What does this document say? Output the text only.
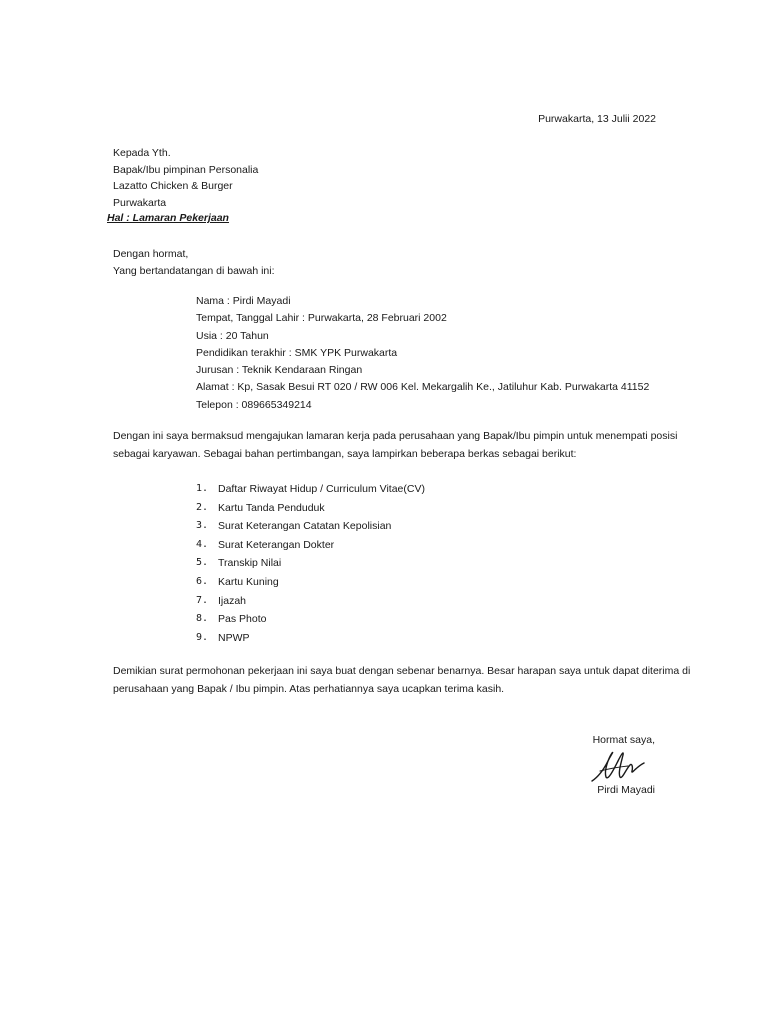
Purwakarta, 13 Julii 2022
Kepada Yth.
Bapak/Ibu pimpinan Personalia
Lazatto Chicken & Burger
Purwakarta
Hal : Lamaran Pekerjaan
Dengan hormat,
Yang bertandatangan di bawah ini:
Nama : Pirdi Mayadi
Tempat, Tanggal Lahir : Purwakarta, 28 Februari 2002
Usia : 20 Tahun
Pendidikan terakhir : SMK YPK Purwakarta
Jurusan : Teknik Kendaraan Ringan
Alamat : Kp, Sasak Besui RT 020 / RW 006 Kel. Mekargalih Ke., Jatiluhur Kab. Purwakarta 41152
Telepon : 089665349214
Dengan ini saya bermaksud mengajukan lamaran kerja pada perusahaan yang Bapak/Ibu pimpin untuk menempati posisi
sebagai karyawan. Sebagai bahan pertimbangan, saya lampirkan beberapa berkas sebagai berikut:
1. Daftar Riwayat Hidup / Curriculum Vitae(CV)
2. Kartu Tanda Penduduk
3. Surat Keterangan Catatan Kepolisian
4. Surat Keterangan Dokter
5. Transkip Nilai
6. Kartu Kuning
7. Ijazah
8. Pas Photo
9. NPWP
Demikian surat permohonan pekerjaan ini saya buat dengan sebenar benarnya. Besar harapan saya untuk dapat diterima di
perusahaan yang Bapak / Ibu pimpin. Atas perhatiannya saya ucapkan terima kasih.
Hormat saya,
Pirdi Mayadi
